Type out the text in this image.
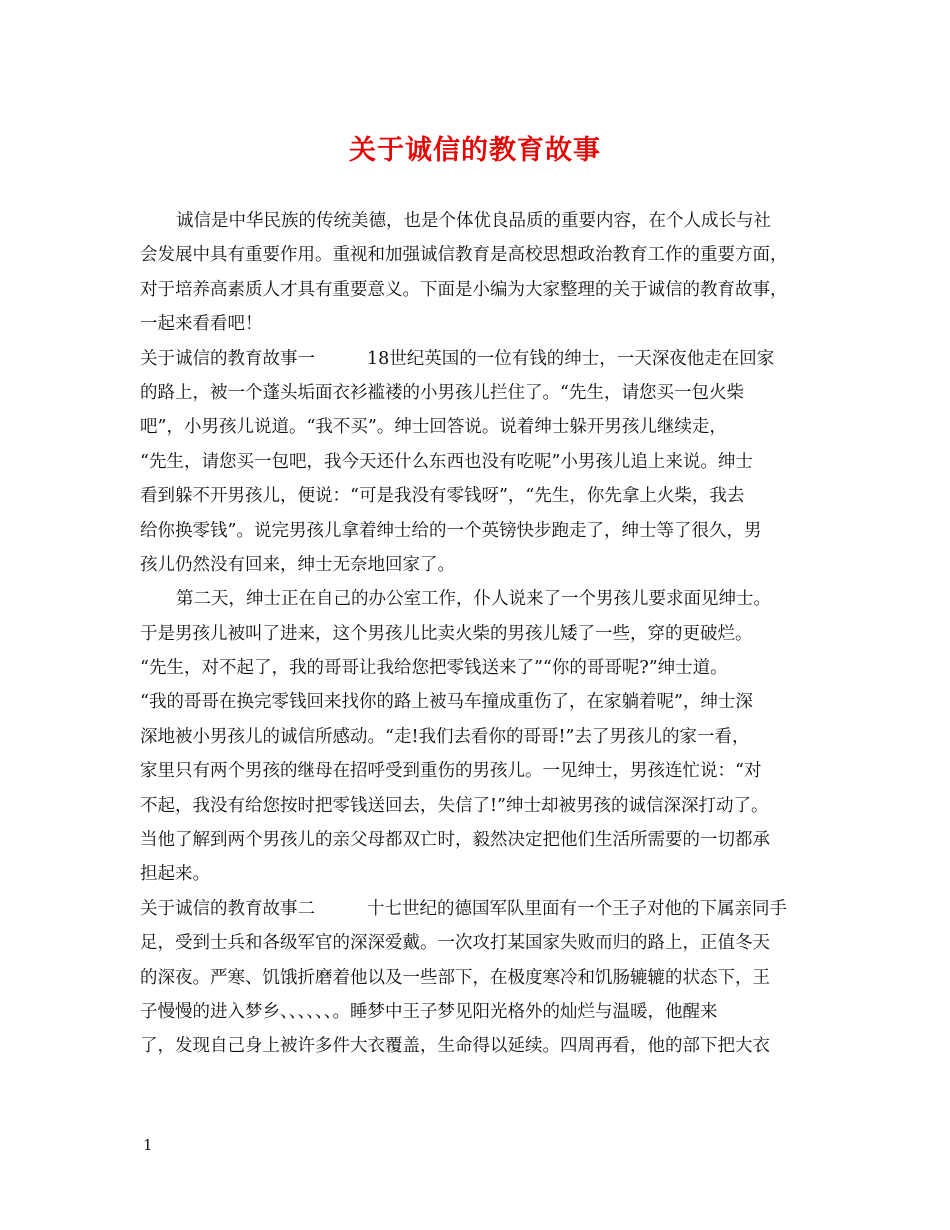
关于诚信的教育故事
诚信是中华民族的传统美德，也是个体优良品质的重要内容，在个人成长与社
会发展中具有重要作用。重视和加强诚信教育是高校思想政治教育工作的重要方面，
对于培养高素质人才具有重要意义。下面是小编为大家整理的关于诚信的教育故事，
一起来看看吧！
关于诚信的教育故事一	18世纪英国的一位有钱的绅士，一天深夜他走在回家
的路上，被一个蓬头垢面衣衫褴褛的小男孩儿拦住了。“先生，请您买一包火柴
吧”，小男孩儿说道。“我不买”。绅士回答说。说着绅士躲开男孩儿继续走，
“先生，请您买一包吧，我今天还什么东西也没有吃呢”小男孩儿追上来说。绅士
看到躲不开男孩儿，便说：“可是我没有零钱呀”，“先生，你先拿上火柴，我去
给你换零钱”。说完男孩儿拿着绅士给的一个英镑快步跑走了，绅士等了很久，男
孩儿仍然没有回来，绅士无奈地回家了。
第二天，绅士正在自己的办公室工作，仆人说来了一个男孩儿要求面见绅士。
于是男孩儿被叫了进来，这个男孩儿比卖火柴的男孩儿矮了一些，穿的更破烂。
“先生，对不起了，我的哥哥让我给您把零钱送来了”“你的哥哥呢?”绅士道。
“我的哥哥在换完零钱回来找你的路上被马车撞成重伤了，在家躺着呢”，绅士深
深地被小男孩儿的诚信所感动。“走!我们去看你的哥哥!”去了男孩儿的家一看，
家里只有两个男孩的继母在招呼受到重伤的男孩儿。一见绅士，男孩连忙说：“对
不起，我没有给您按时把零钱送回去，失信了!”绅士却被男孩的诚信深深打动了。
当他了解到两个男孩儿的亲父母都双亡时，毅然决定把他们生活所需要的一切都承
担起来。
关于诚信的教育故事二	十七世纪的德国军队里面有一个王子对他的下属亲同手
足，受到士兵和各级军官的深深爱戴。一次攻打某国家失败而归的路上，正值冬天
的深夜。严寒、饥饿折磨着他以及一些部下，在极度寒冷和饥肠辘辘的状态下，王
子慢慢的进入梦乡、、、、、、。睡梦中王子梦见阳光格外的灿烂与温暖，他醒来
了，发现自己身上被许多件大衣覆盖，生命得以延续。四周再看，他的部下把大衣
1
